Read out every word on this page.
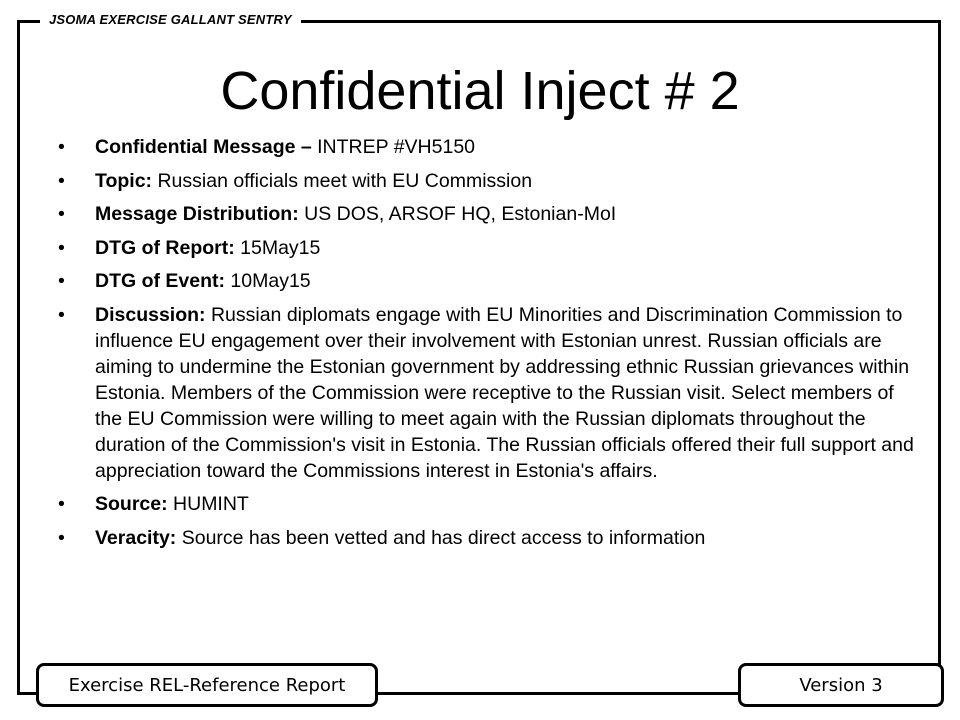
JSOMA EXERCISE GALLANT SENTRY
Confidential Inject # 2
• Confidential Message – INTREP #VH5150
• Topic: Russian officials meet with EU Commission
• Message Distribution: US DOS, ARSOF HQ, Estonian-MoI
• DTG of Report: 15May15
• DTG of Event: 10May15
• Discussion: Russian diplomats engage with EU Minorities and Discrimination Commission to influence EU engagement over their involvement with Estonian unrest. Russian officials are aiming to undermine the Estonian government by addressing ethnic Russian grievances within Estonia. Members of the Commission were receptive to the Russian visit. Select members of the EU Commission were willing to meet again with the Russian diplomats throughout the duration of the Commission's visit in Estonia. The Russian officials offered their full support and appreciation toward the Commissions interest in Estonia's affairs.
• Source: HUMINT
• Veracity: Source has been vetted and has direct access to information
Exercise REL-Reference Report	Version 3
